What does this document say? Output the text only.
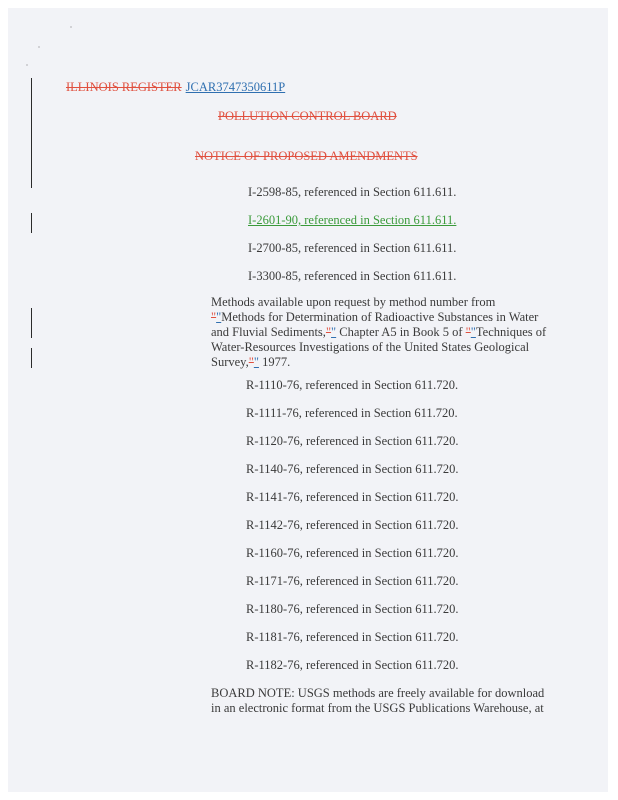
ILLINOIS REGISTER JCAR3747350611P
POLLUTION CONTROL BOARD
NOTICE OF PROPOSED AMENDMENTS
I-2598-85, referenced in Section 611.611.
I-2601-90, referenced in Section 611.611.
I-2700-85, referenced in Section 611.611.
I-3300-85, referenced in Section 611.611.
Methods available upon request by method number from ""Methods for Determination of Radioactive Substances in Water and Fluvial Sediments,"" Chapter A5 in Book 5 of ""Techniques of Water-Resources Investigations of the United States Geological Survey,"" 1977.
R-1110-76, referenced in Section 611.720.
R-1111-76, referenced in Section 611.720.
R-1120-76, referenced in Section 611.720.
R-1140-76, referenced in Section 611.720.
R-1141-76, referenced in Section 611.720.
R-1142-76, referenced in Section 611.720.
R-1160-76, referenced in Section 611.720.
R-1171-76, referenced in Section 611.720.
R-1180-76, referenced in Section 611.720.
R-1181-76, referenced in Section 611.720.
R-1182-76, referenced in Section 611.720.
BOARD NOTE: USGS methods are freely available for download in an electronic format from the USGS Publications Warehouse, at
